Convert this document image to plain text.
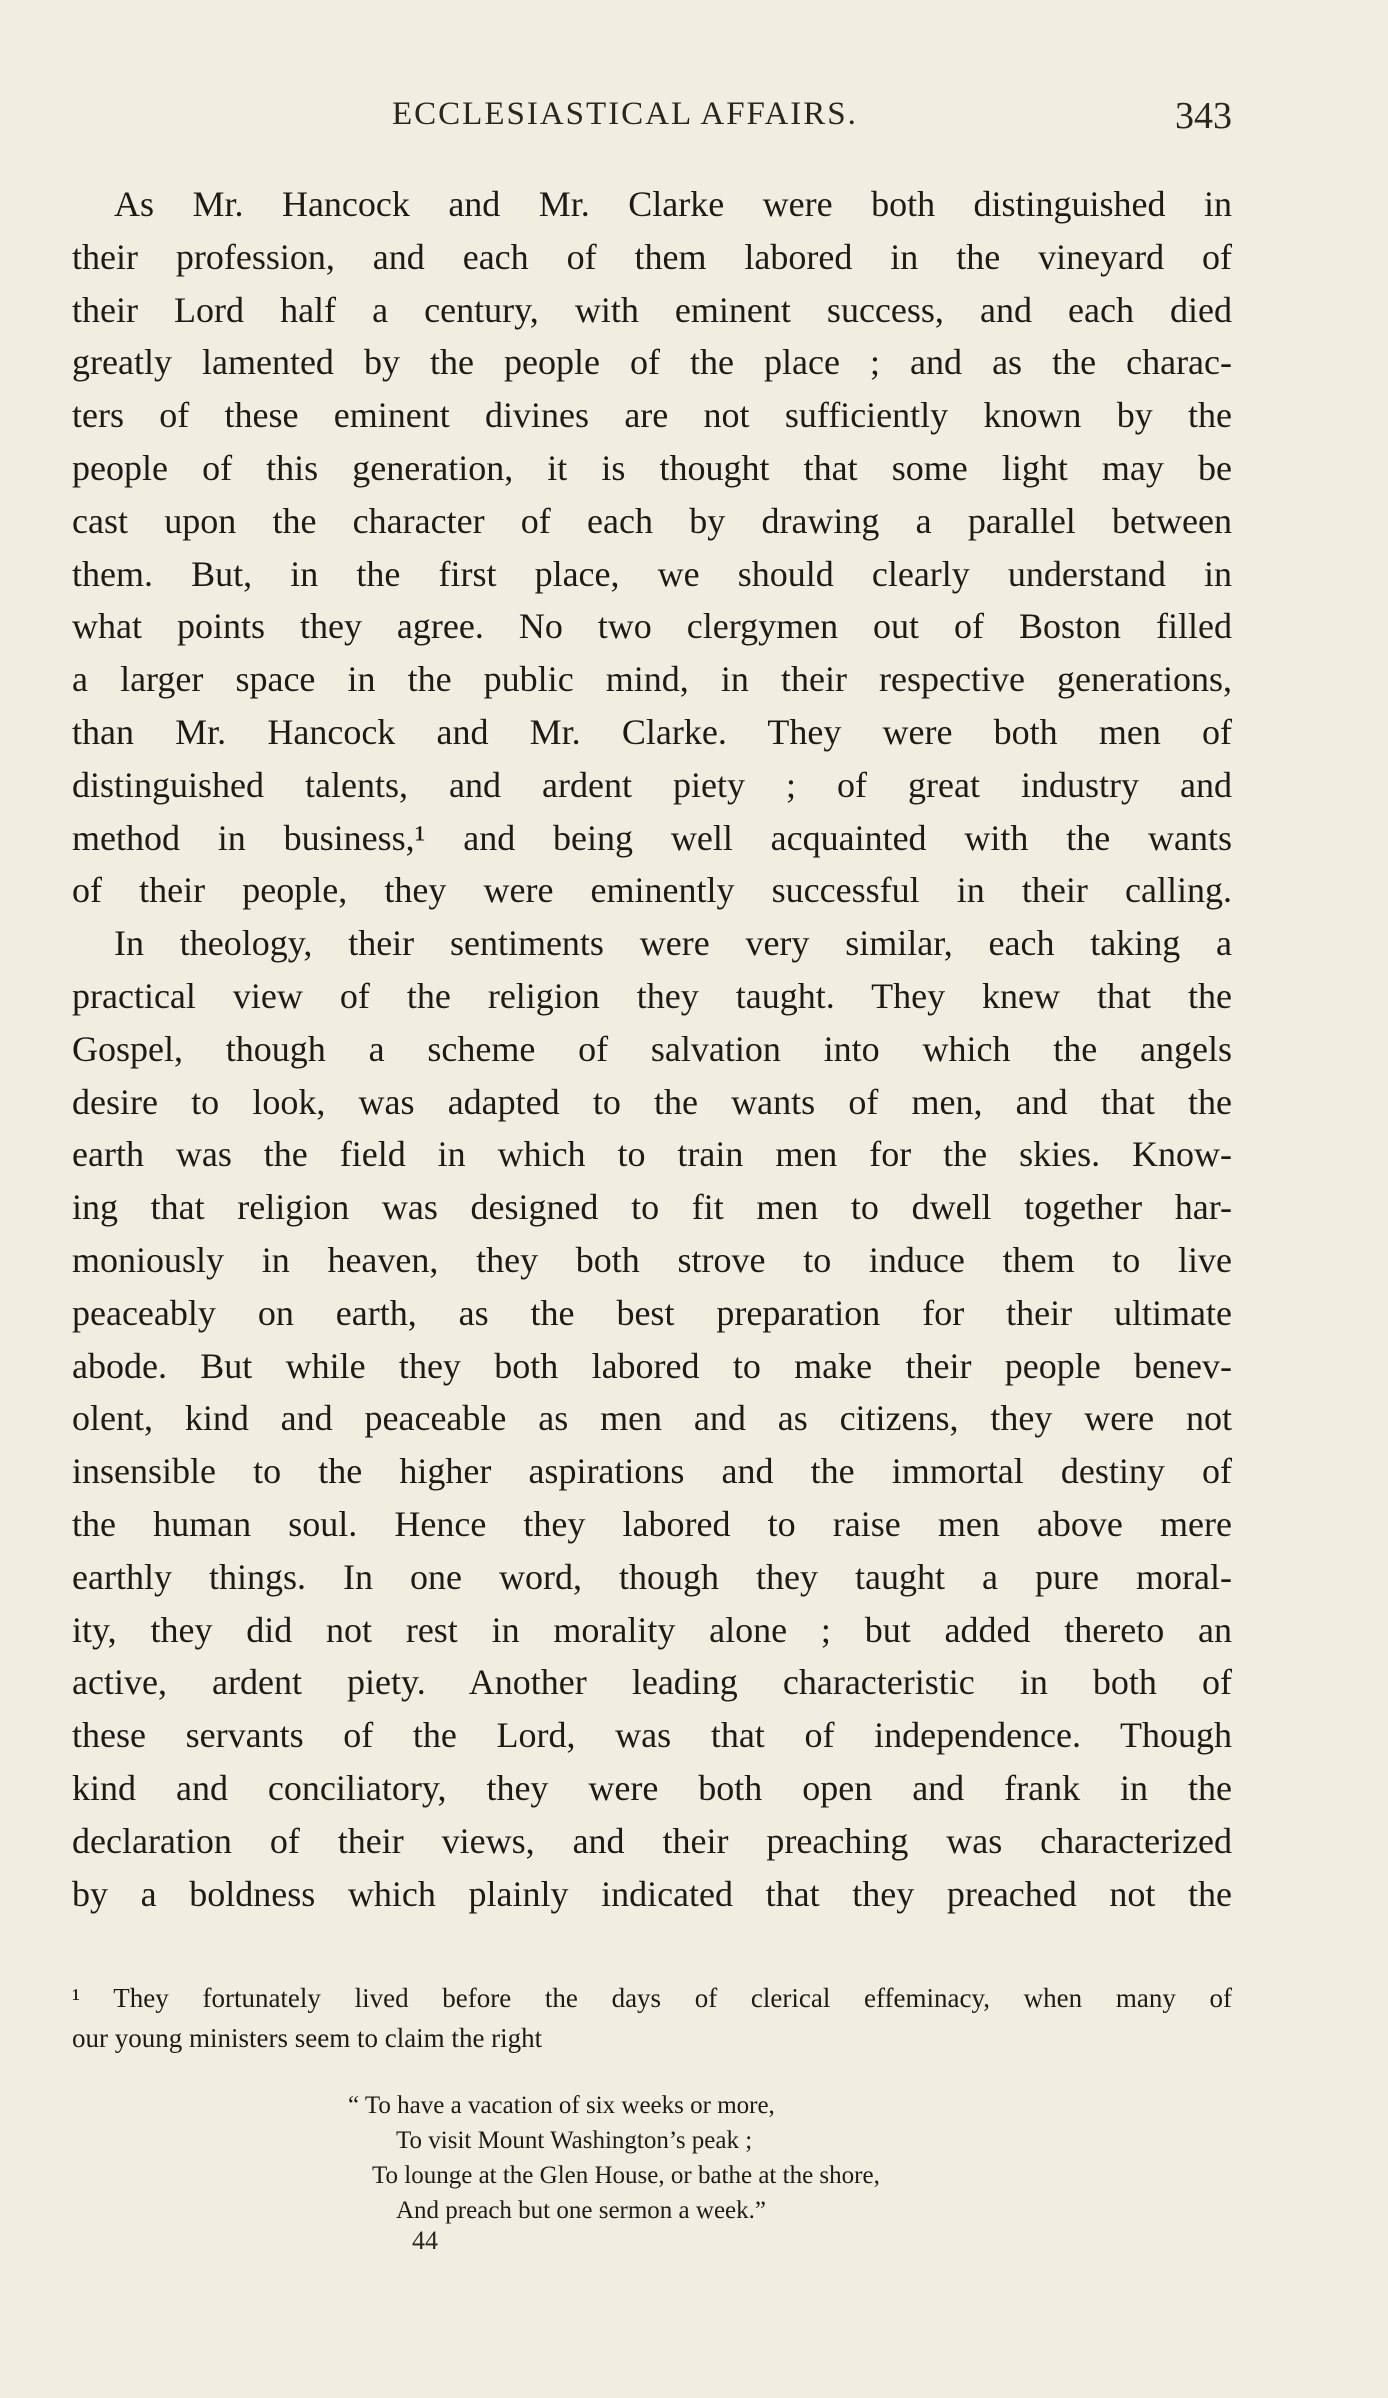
ECCLESIASTICAL AFFAIRS.	343
As Mr. Hancock and Mr. Clarke were both distinguished in
their profession, and each of them labored in the vineyard of
their Lord half a century, with eminent success, and each died
greatly lamented by the people of the place ; and as the charac-
ters of these eminent divines are not sufficiently known by the
people of this generation, it is thought that some light may be
cast upon the character of each by drawing a parallel between
them. But, in the first place, we should clearly understand in
what points they agree. No two clergymen out of Boston filled
a larger space in the public mind, in their respective generations,
than Mr. Hancock and Mr. Clarke. They were both men of
distinguished talents, and ardent piety ; of great industry and
method in business,¹ and being well acquainted with the wants
of their people, they were eminently successful in their calling.
In theology, their sentiments were very similar, each taking a
practical view of the religion they taught. They knew that the
Gospel, though a scheme of salvation into which the angels
desire to look, was adapted to the wants of men, and that the
earth was the field in which to train men for the skies. Know-
ing that religion was designed to fit men to dwell together har-
moniously in heaven, they both strove to induce them to live
peaceably on earth, as the best preparation for their ultimate
abode. But while they both labored to make their people benev-
olent, kind and peaceable as men and as citizens, they were not
insensible to the higher aspirations and the immortal destiny of
the human soul. Hence they labored to raise men above mere
earthly things. In one word, though they taught a pure moral-
ity, they did not rest in morality alone ; but added thereto an
active, ardent piety. Another leading characteristic in both of
these servants of the Lord, was that of independence. Though
kind and conciliatory, they were both open and frank in the
declaration of their views, and their preaching was characterized
by a boldness which plainly indicated that they preached not the
¹ They fortunately lived before the days of clerical effeminacy, when many of
our young ministers seem to claim the right
“ To have a vacation of six weeks or more,
To visit Mount Washington’s peak ;
To lounge at the Glen House, or bathe at the shore,
And preach but one sermon a week.”
44
